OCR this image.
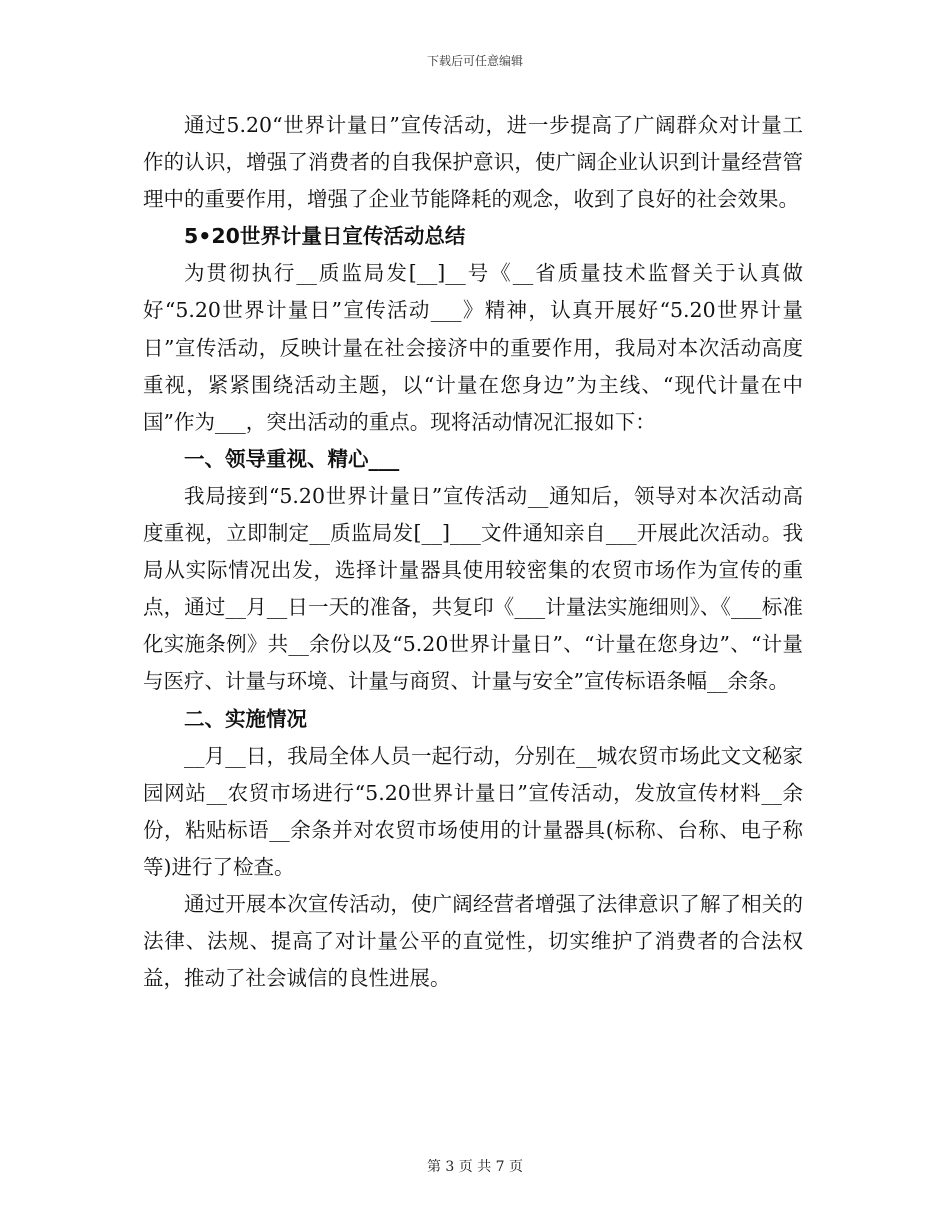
下载后可任意编辑

通过5.20“世界计量日”宣传活动，进一步提高了广阔群众对计量工作的认识，增强了消费者的自我保护意识，使广阔企业认识到计量经营管理中的重要作用，增强了企业节能降耗的观念，收到了良好的社会效果。

5•20世界计量日宣传活动总结

为贯彻执行__质监局发[__]__号《__省质量技术监督关于认真做好“5.20世界计量日”宣传活动___》精神，认真开展好“5.20世界计量日”宣传活动，反映计量在社会接济中的重要作用，我局对本次活动高度重视，紧紧围绕活动主题，以“计量在您身边”为主线、“现代计量在中国”作为___，突出活动的重点。现将活动情况汇报如下：

一、领导重视、精心___

我局接到“5.20世界计量日”宣传活动__通知后，领导对本次活动高度重视，立即制定__质监局发[__]___文件通知亲自___开展此次活动。我局从实际情况出发，选择计量器具使用较密集的农贸市场作为宣传的重点，通过__月__日一天的准备，共复印《___计量法实施细则》、《___标准化实施条例》共__余份以及“5.20世界计量日”、“计量在您身边”、“计量与医疗、计量与环境、计量与商贸、计量与安全”宣传标语条幅__余条。

二、实施情况

__月__日，我局全体人员一起行动，分别在__城农贸市场此文文秘家园网站__农贸市场进行“5.20世界计量日”宣传活动，发放宣传材料__余份，粘贴标语__余条并对农贸市场使用的计量器具(标称、台称、电子称等)进行了检查。

通过开展本次宣传活动，使广阔经营者增强了法律意识了解了相关的法律、法规、提高了对计量公平的直觉性，切实维护了消费者的合法权益，推动了社会诚信的良性进展。

第 3 页 共 7 页
